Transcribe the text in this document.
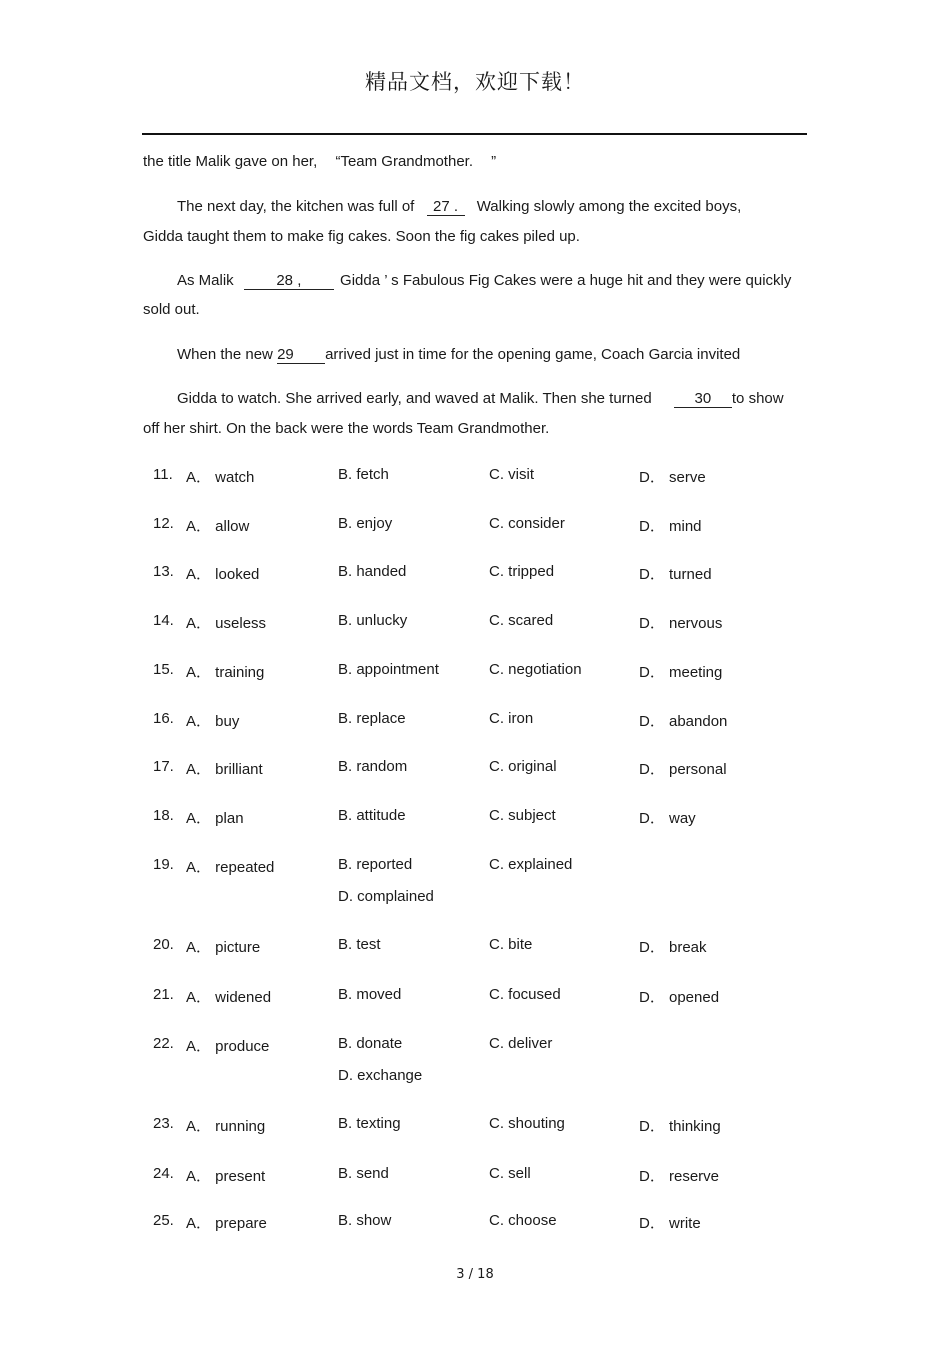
精品文档，欢迎下载！
the title Malik gave on her, “Team Grandmother. ”
The next day, the kitchen was full of 27 . Walking slowly among the excited boys,
Gidda taught them to make fig cakes. Soon the fig cakes piled up.
As Malik	28 ,	Gidda ’ s Fabulous Fig Cakes were a huge hit and they were quickly
sold out.
When the new 29 arrived just in time for the opening game, Coach Garcia invited
Gidda to watch. She arrived early, and waved at Malik. Then she turned	30 to show
off her shirt. On the back were the words Team Grandmother.
11. A． watch	B. fetch	C. visit	D． serve
12. A． allow	B. enjoy	C. consider	D． mind
13. A． looked	B. handed	C. tripped	D． turned
14. A． useless	B. unlucky	C. scared	D． nervous
15. A． training	B. appointment	C. negotiation	D． meeting
16. A． buy	B. replace	C. iron	D． abandon
17. A． brilliant	B. random	C. original	D． personal
18. A． plan	B. attitude	C. subject	D． way
19. A． repeated	B. reported	C. explained
D. complained
20. A． picture	B. test	C. bite	D． break
21. A． widened	B. moved	C. focused	D． opened
22. A． produce	B. donate	C. deliver
D. exchange
23. A． running	B. texting	C. shouting	D． thinking
24. A． present	B. send	C. sell	D． reserve
25. A． prepare	B. show	C. choose	D． write
3 / 18
